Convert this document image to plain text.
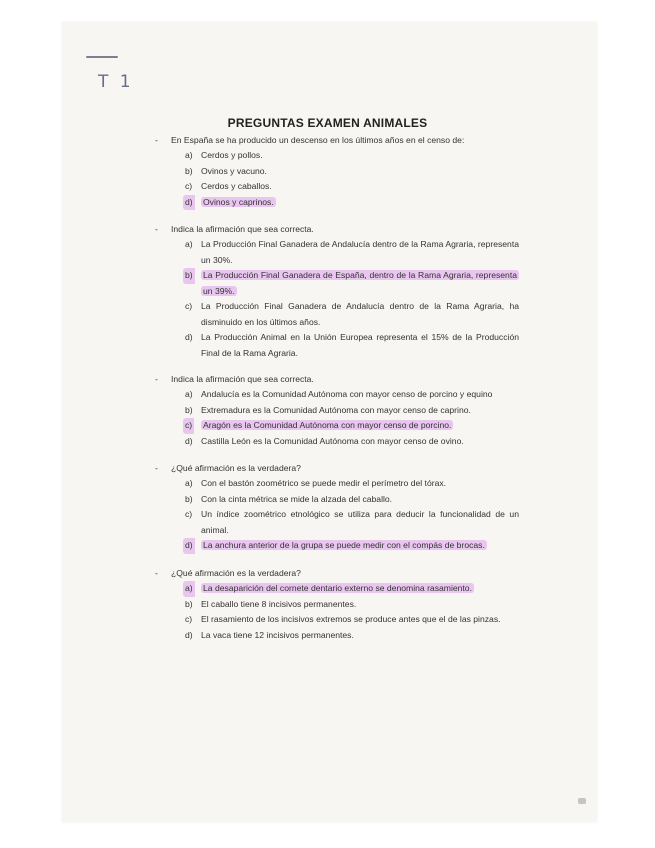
T 1
PREGUNTAS EXAMEN ANIMALES
- En España se ha producido un descenso en los últimos años en el censo de:
a) Cerdos y pollos.
b) Ovinos y vacuno.
c) Cerdos y caballos.
d) Ovinos y caprinos.
- Indica la afirmación que sea correcta.
a) La Producción Final Ganadera de Andalucía dentro de la Rama Agraria, representa un 30%.
b) La Producción Final Ganadera de España, dentro de la Rama Agraria, representa un 39%.
c) La Producción Final Ganadera de Andalucía dentro de la Rama Agraria, ha disminuido en los últimos años.
d) La Producción Animal en la Unión Europea representa el 15% de la Producción Final de la Rama Agraria.
- Indica la afirmación que sea correcta.
a) Andalucía es la Comunidad Autónoma con mayor censo de porcino y equino
b) Extremadura es la Comunidad Autónoma con mayor censo de caprino.
c) Aragón es la Comunidad Autónoma con mayor censo de porcino.
d) Castilla León es la Comunidad Autónoma con mayor censo de ovino.
- ¿Qué afirmación es la verdadera?
a) Con el bastón zoométrico se puede medir el perímetro del tórax.
b) Con la cinta métrica se mide la alzada del caballo.
c) Un índice zoométrico etnológico se utiliza para deducir la funcionalidad de un animal.
d) La anchura anterior de la grupa se puede medir con el compás de brocas.
- ¿Qué afirmación es la verdadera?
a) La desaparición del cornete dentario externo se denomina rasamiento.
b) El caballo tiene 8 incisivos permanentes.
c) El rasamiento de los incisivos extremos se produce antes que el de las pinzas.
d) La vaca tiene 12 incisivos permanentes.
